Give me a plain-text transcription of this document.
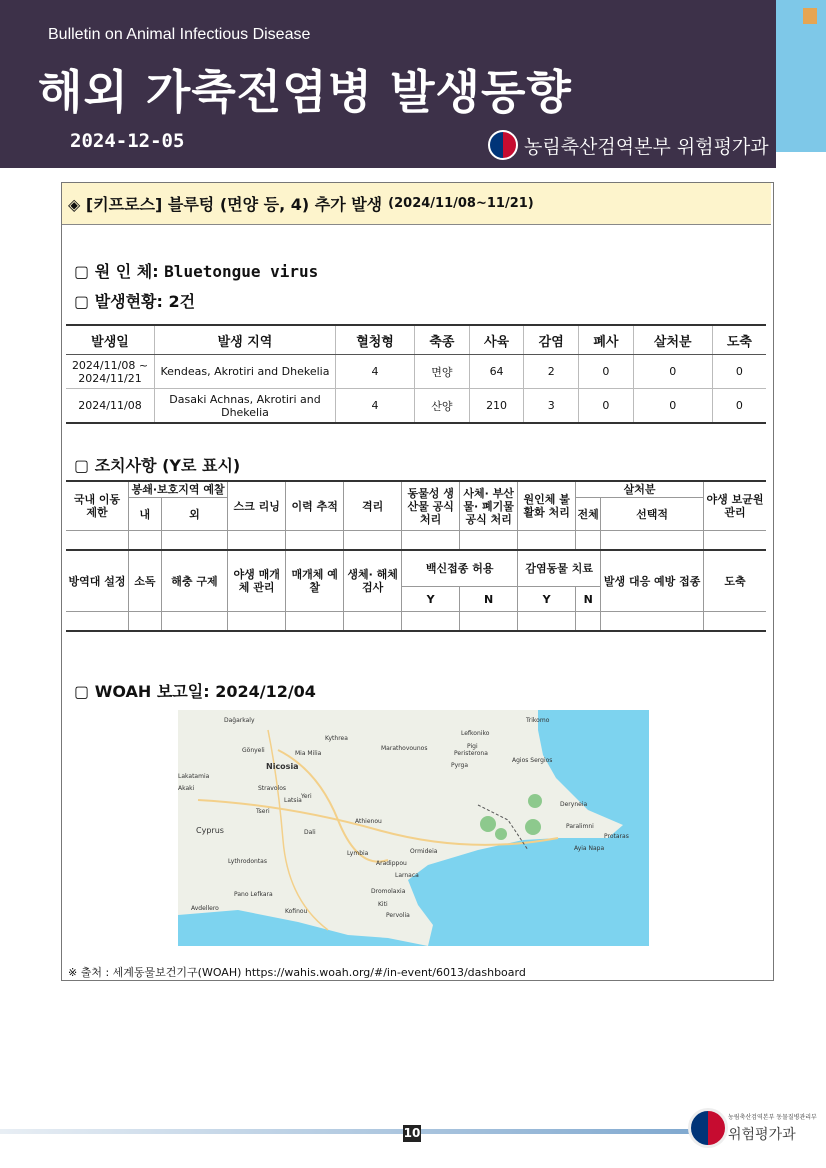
Bulletin on Animal Infectious Disease
해외 가축전염병 발생동향
2024-12-05	농림축산검역본부 위험평가과
◈ [키프로스] 블루텅 (면양 등, 4) 추가 발생 (2024/11/08~11/21)
▢ 원 인 체: Bluetongue virus
▢ 발생현황: 2건
발생일	발생 지역	혈청형	축종	사육	감염	폐사	살처분	도축
2024/11/08 ~ 2024/11/21	Kendeas, Akrotiri and Dhekelia	4	면양	64	2	0	0	0
2024/11/08	Dasaki Achnas, Akrotiri and Dhekelia	4	산양	210	3	0	0	0
▢ 조치사항 (Y로 표시)
국내 이동 제한	봉쇄·보호지역 예찰		스크 리닝	이력 추적	격리	동물성 생산물 공식 처리	사체· 부산물· 폐기물 공식 처리	원인체 불활화 처리	살처분		야생 보균원 관리
	내	외							전체	선택적	

방역대 설정	소독	해충 구제	야생 매개체 관리	매개체 예찰	생체· 해체 검사	백신접종 허용		감염동물 치료		발생 대응 예방 접종	도축
						Y	N	Y	N		

▢ WOAH 보고일: 2024/12/04
Dağarkaly	Trikomo
Kythrea
Lefkoniko
Gönyeli	Mia Milia
Marathovounos	Pigi
Peristerona
Nicosia
Agios Sergios
Pyrga
Lakatamia
Akaki	Stravolos
Yeri
Latsia
Tseri
Dali
Athienou
Deryneia
Paralimni
Protaras
Ayia Napa
Cyprus
Lymbia	Ormideia
Aradippou
Larnaca
Lythrodontas
Pano Lefkara	Dromolaxia
Kiti
Kofinou
Pervolia
Avdellero
※ 출처 : 세계동물보건기구(WOAH) https://wahis.woah.org/#/in-event/6013/dashboard
10
농림축산검역본부 동물질병관리부
위험평가과
